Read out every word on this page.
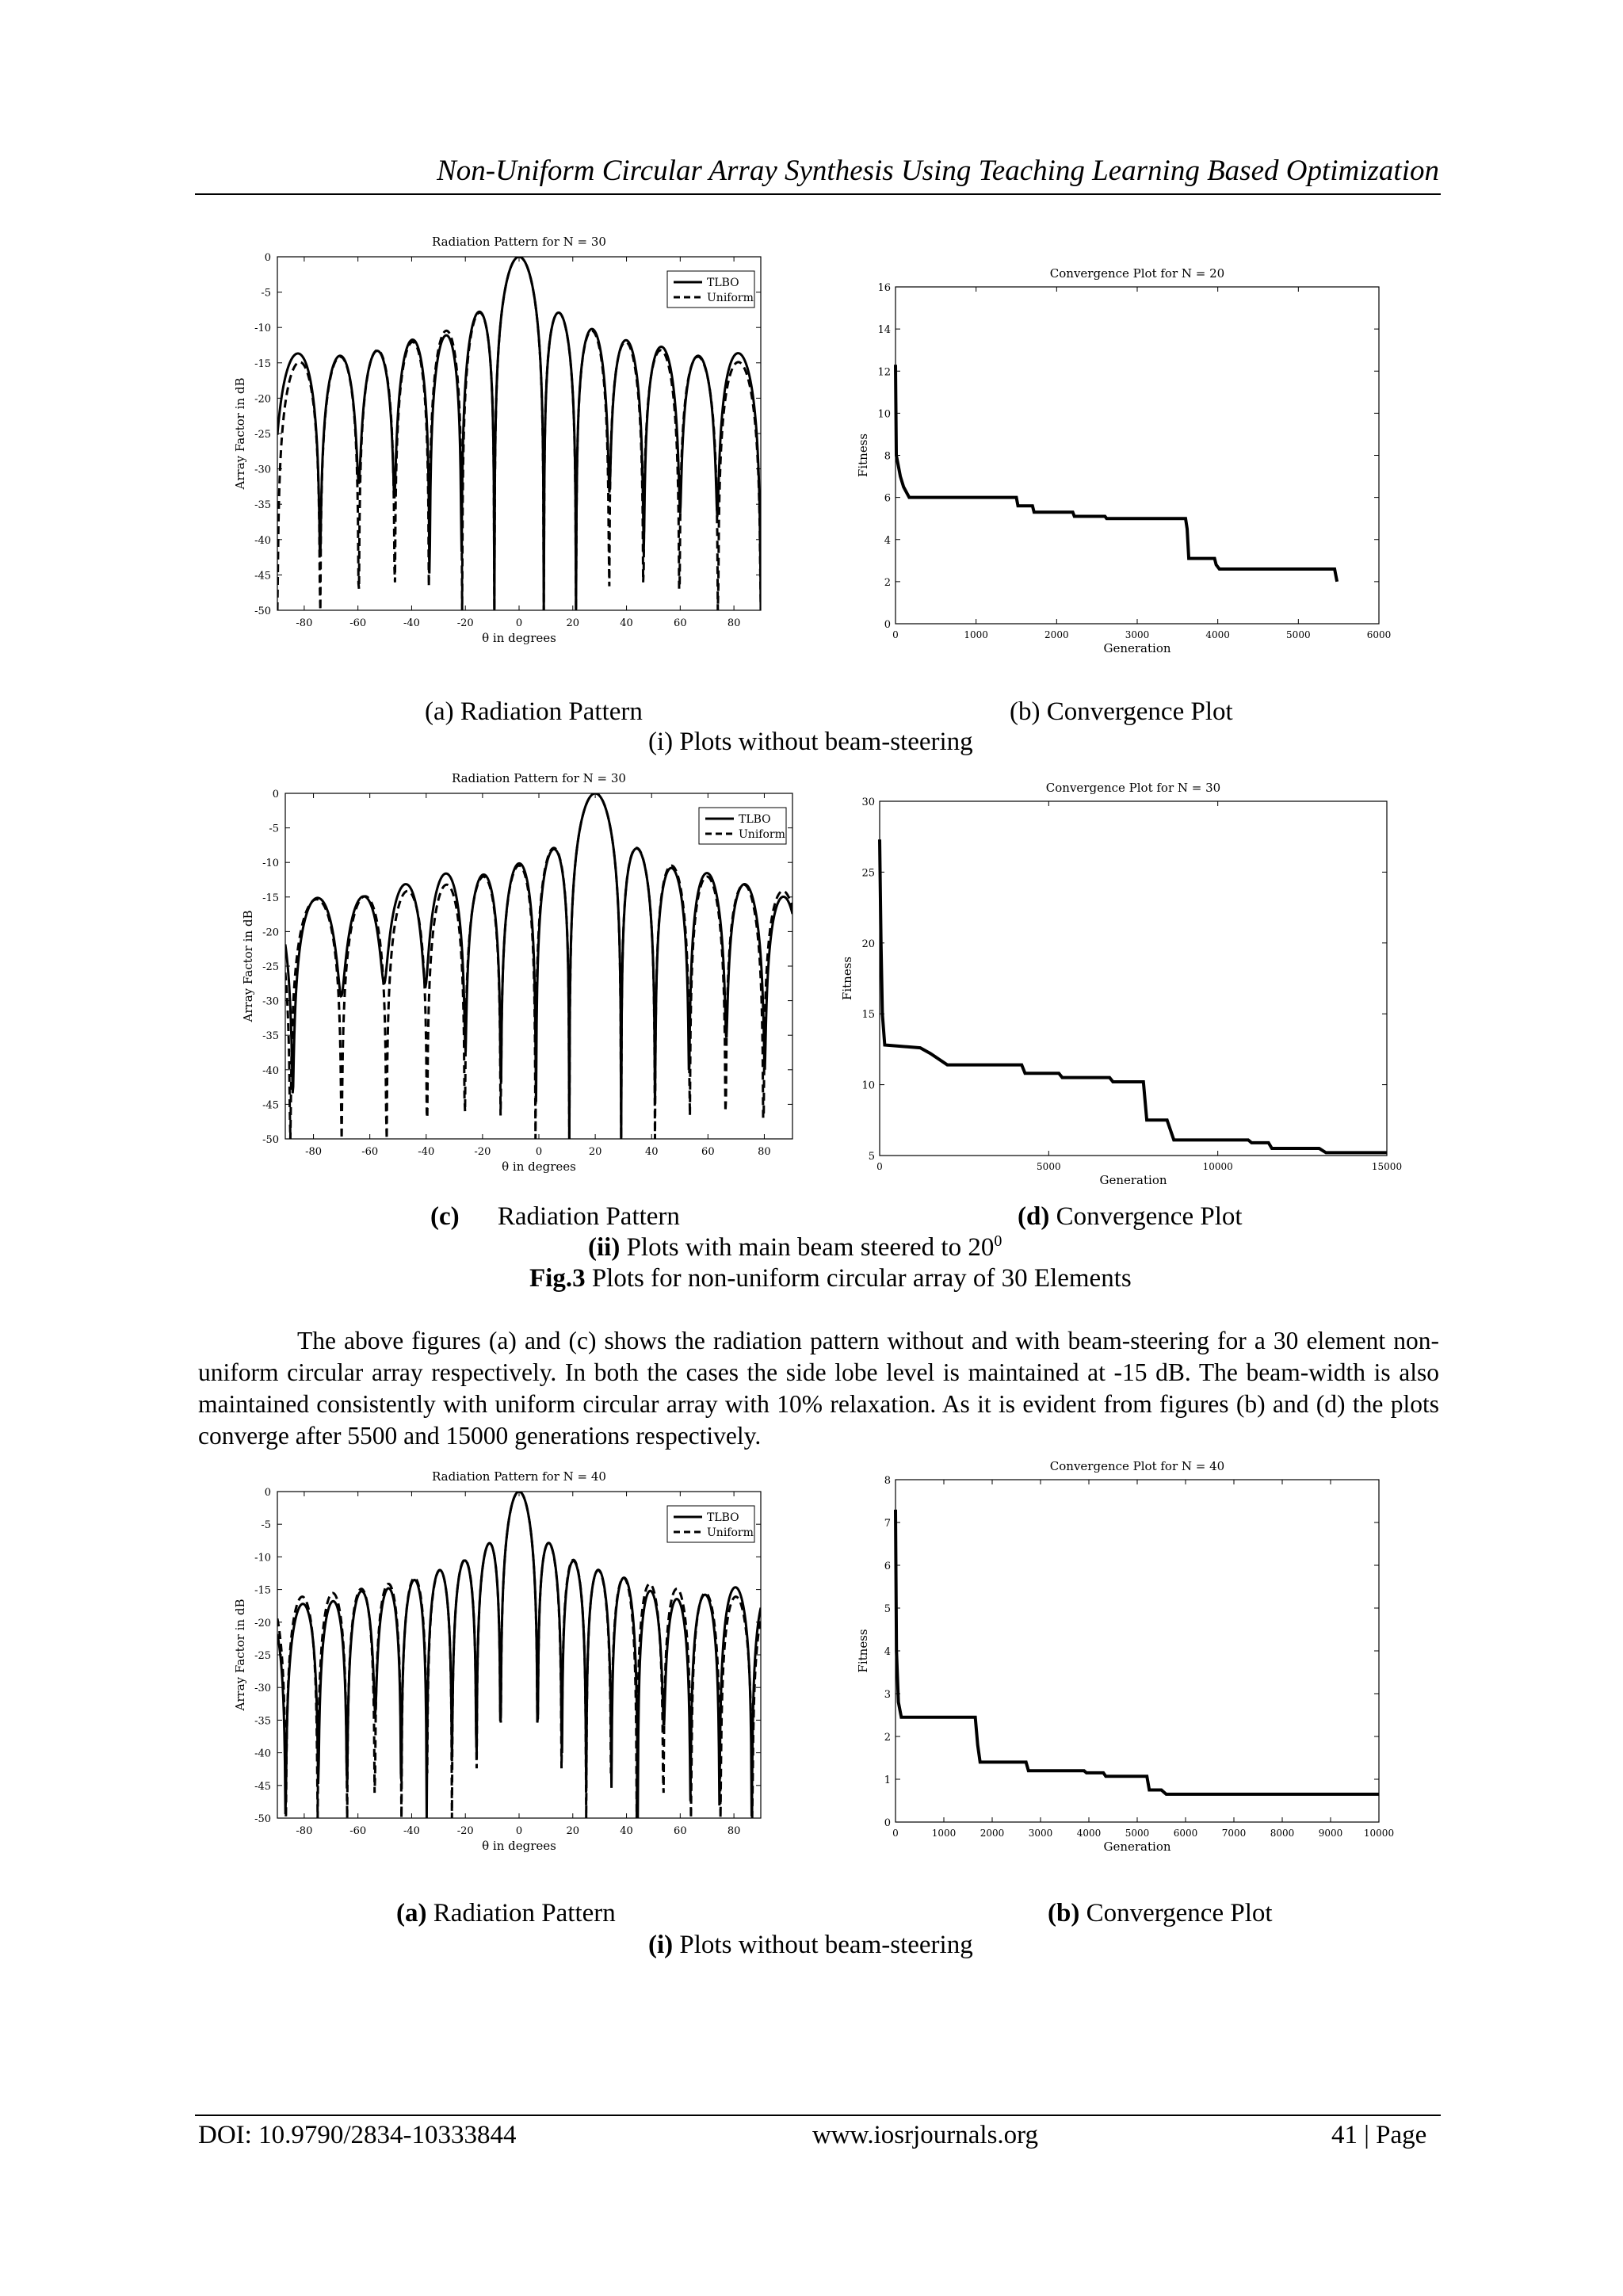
Non-Uniform Circular Array Synthesis Using Teaching Learning Based Optimization
Radiation Pattern for N = 30
0
-5
-10
-15
-20
-25
-30
-35
-40
-45
-50
-80	-60	-40	-20	0	20	40	60	80
θ in degrees
Array Factor in dB
TLBO
Uniform
Convergence Plot for N = 20
0
2
4
6
8
10
12
14
16
0	1000	2000	3000	4000	5000	6000
Generation
Fitness
(a) Radiation Pattern	(b) Convergence Plot
(i) Plots without beam-steering
Radiation Pattern for N = 30
0
-5
-10
-15
-20
-25
-30
-35
-40
-45
-50
-80	-60	-40	-20	0	20	40	60	80
θ in degrees
Array Factor in dB
TLBO
Uniform
Convergence Plot for N = 30
5
10
15
20
25
30
0	5000	10000	15000
Generation
Fitness
(c) Radiation Pattern	(d) Convergence Plot
(ii) Plots with main beam steered to $20^0$
Fig.3 Plots for non-uniform circular array of 30 Elements
The above figures (a) and (c) shows the radiation pattern without and with beam-steering for a 30 element non-uniform circular array respectively. In both the cases the side lobe level is maintained at -15 dB. The beam-width is also maintained consistently with uniform circular array with 10% relaxation. As it is evident from figures (b) and (d) the plots converge after 5500 and 15000 generations respectively.
Radiation Pattern for N = 40
0
-5
-10
-15
-20
-25
-30
-35
-40
-45
-50
-80	-60	-40	-20	0	20	40	60	80
θ in degrees
Array Factor in dB
TLBO
Uniform
Convergence Plot for N = 40
0
1
2
3
4
5
6
7
8
0	1000	2000	3000	4000	5000	6000	7000	8000	9000 10000
Generation
Fitness
(a) Radiation Pattern	(b) Convergence Plot
(i) Plots without beam-steering
DOI: 10.9790/2834-10333844	www.iosrjournals.org	41 | Page
